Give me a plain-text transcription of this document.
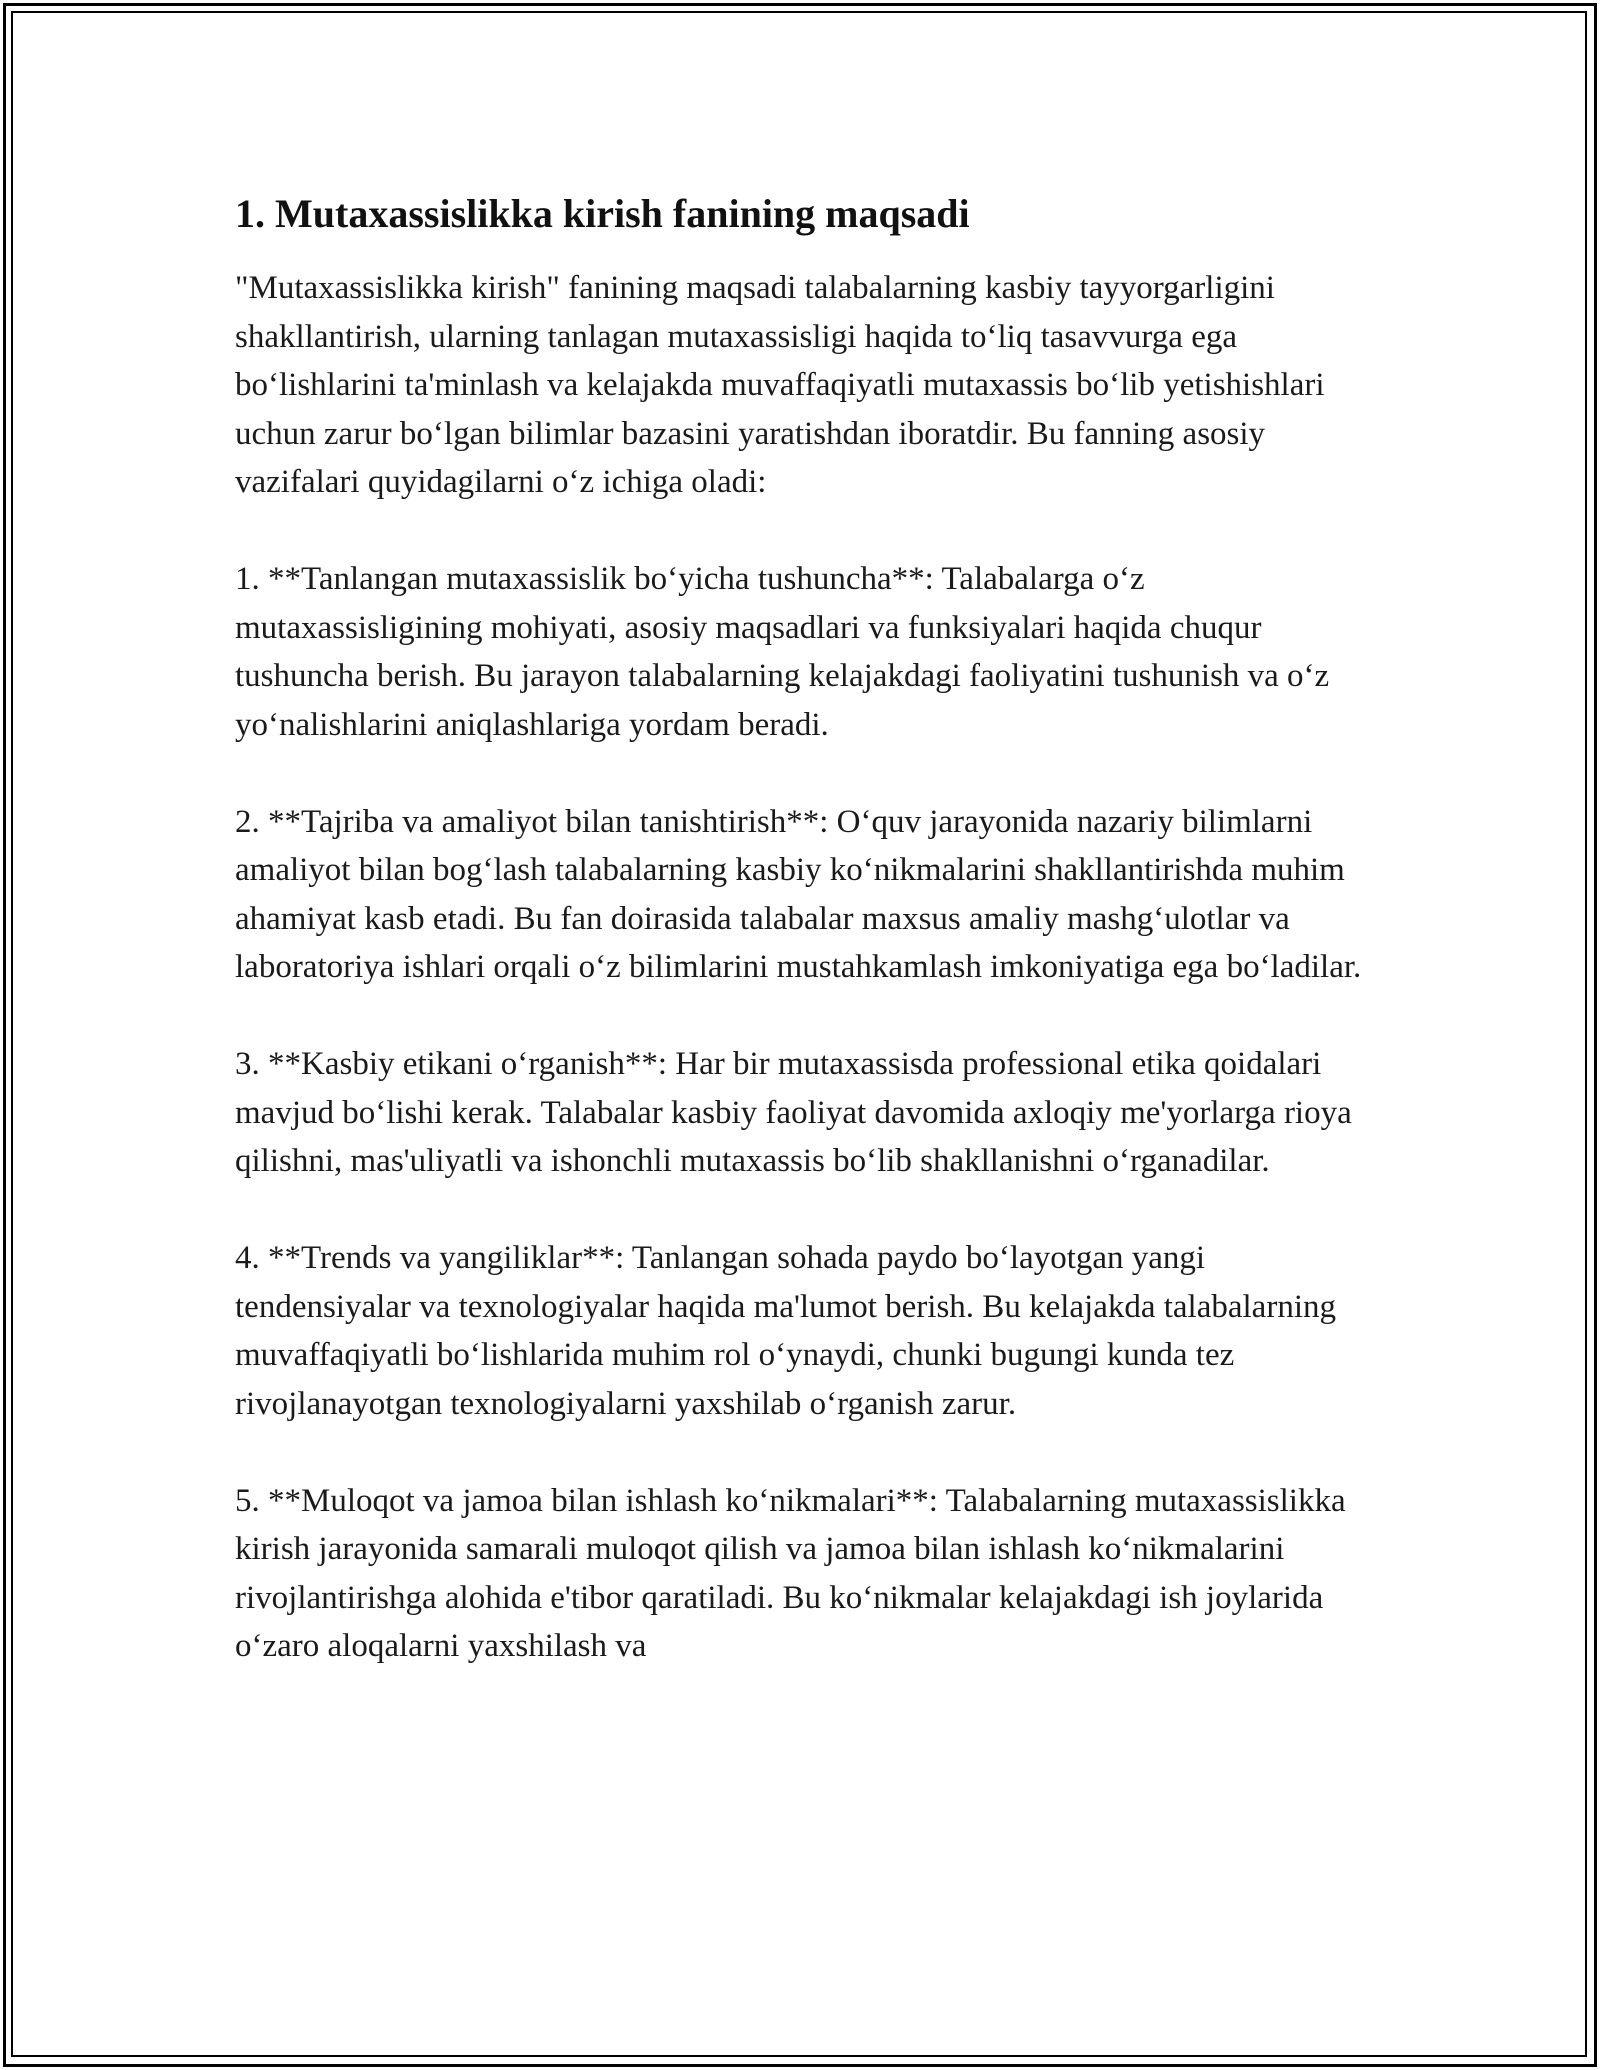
1. Mutaxassislikka kirish fanining maqsadi

"Mutaxassislikka kirish" fanining maqsadi talabalarning kasbiy tayyorgarligini shakllantirish, ularning tanlagan mutaxassisligi haqida to‘liq tasavvurga ega bo‘lishlarini ta'minlash va kelajakda muvaffaqiyatli mutaxassis bo‘lib yetishishlari uchun zarur bo‘lgan bilimlar bazasini yaratishdan iboratdir. Bu fanning asosiy vazifalari quyidagilarni o‘z ichiga oladi:

1. **Tanlangan mutaxassislik bo‘yicha tushuncha**: Talabalarga o‘z mutaxassisligining mohiyati, asosiy maqsadlari va funksiyalari haqida chuqur tushuncha berish. Bu jarayon talabalarning kelajakdagi faoliyatini tushunish va o‘z yo‘nalishlarini aniqlashlariga yordam beradi.

2. **Tajriba va amaliyot bilan tanishtirish**: O‘quv jarayonida nazariy bilimlarni amaliyot bilan bog‘lash talabalarning kasbiy ko‘nikmalarini shakllantirishda muhim ahamiyat kasb etadi. Bu fan doirasida talabalar maxsus amaliy mashg‘ulotlar va laboratoriya ishlari orqali o‘z bilimlarini mustahkamlash imkoniyatiga ega bo‘ladilar.

3. **Kasbiy etikani o‘rganish**: Har bir mutaxassisda professional etika qoidalari mavjud bo‘lishi kerak. Talabalar kasbiy faoliyat davomida axloqiy me'yorlarga rioya qilishni, mas'uliyatli va ishonchli mutaxassis bo‘lib shakllanishni o‘rganadilar.

4. **Trends va yangiliklar**: Tanlangan sohada paydo bo‘layotgan yangi tendensiyalar va texnologiyalar haqida ma'lumot berish. Bu kelajakda talabalarning muvaffaqiyatli bo‘lishlarida muhim rol o‘ynaydi, chunki bugungi kunda tez rivojlanayotgan texnologiyalarni yaxshilab o‘rganish zarur.

5. **Muloqot va jamoa bilan ishlash ko‘nikmalari**: Talabalarning mutaxassislikka kirish jarayonida samarali muloqot qilish va jamoa bilan ishlash ko‘nikmalarini rivojlantirishga alohida e'tibor qaratiladi. Bu ko‘nikmalar kelajakdagi ish joylarida o‘zaro aloqalarni yaxshilash va
